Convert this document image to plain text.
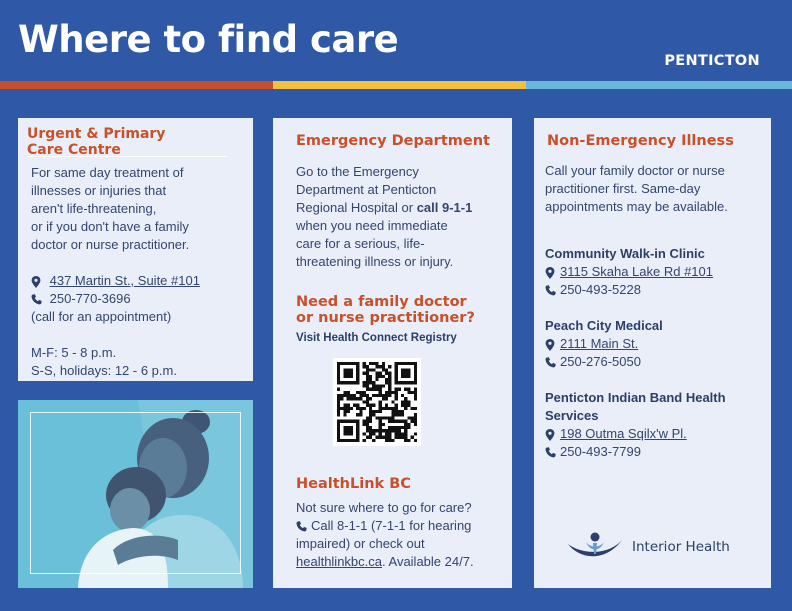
Where to find care	PENTICTON
Urgent & Primary
Care Centre
For same day treatment of
illnesses or injuries that
aren't life-threatening,
or if you don't have a family
doctor or nurse practitioner.
437 Martin St., Suite #101
250-770-3696
(call for an appointment)
M-F: 5 - 8 p.m.
S-S, holidays: 12 - 6 p.m.
Emergency Department
Go to the Emergency
Department at Penticton
Regional Hospital or call 9-1-1
when you need immediate
care for a serious, life-
threatening illness or injury.
Need a family doctor
or nurse practitioner?
Visit Health Connect Registry
HealthLink BC
Not sure where to go for care?
Call 8-1-1 (7-1-1 for hearing
impaired) or check out
healthlinkbc.ca. Available 24/7.
Non-Emergency Illness
Call your family doctor or nurse
practitioner first. Same-day
appointments may be available.
Community Walk-in Clinic
3115 Skaha Lake Rd #101
250-493-5228
Peach City Medical
2111 Main St.
250-276-5050
Penticton Indian Band Health
Services
198 Outma Sqilx'w Pl.
250-493-7799
Interior Health
